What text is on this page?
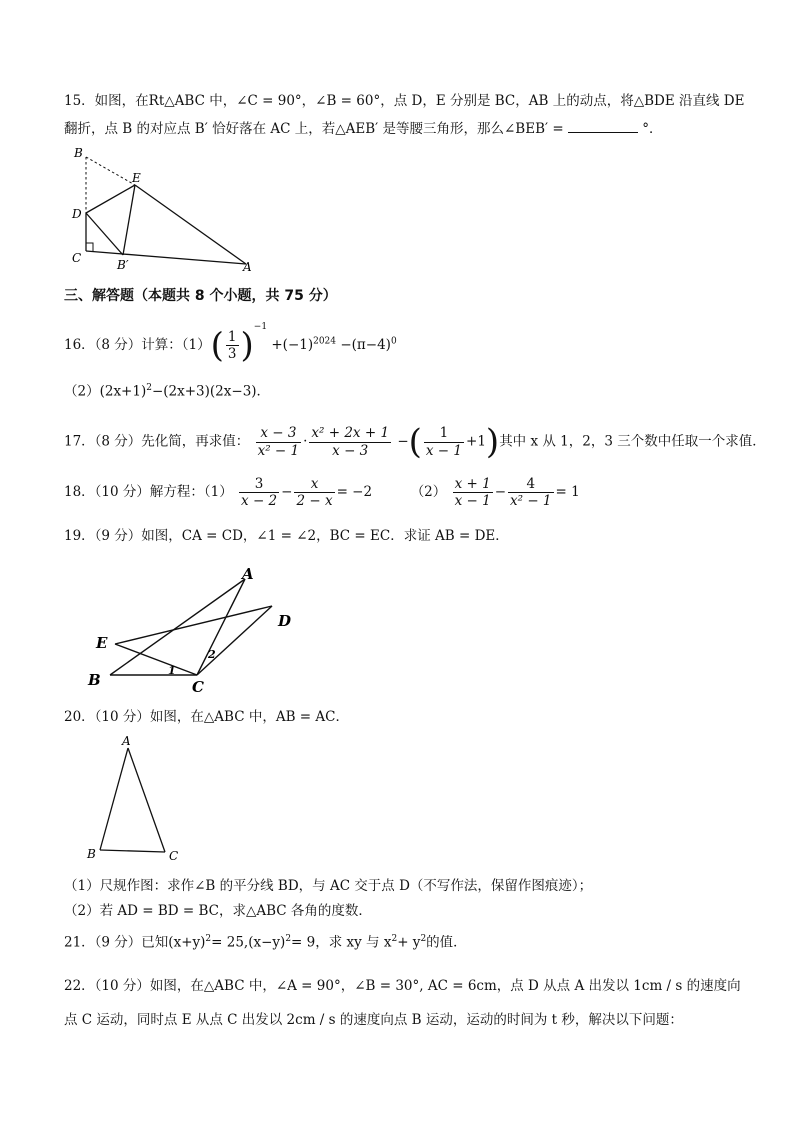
15．如图，在Rt△ABC 中，∠C = 90°，∠B = 60°，点 D，E 分别是 BC，AB 上的动点，将△BDE 沿直线 DE
翻折，点 B 的对应点 B′ 恰好落在 AC 上，若△AEB′ 是等腰三角形，那么∠BEB′ =	°．
B
E
D
C	B′	A
三、解答题（本题共 8 个小题，共 75 分）
16．（8 分）计算：$(1)( \frac{1}{3} )^{-1} +(-1)^{2024} -(\pi-4)^0$
$(2)(2x+1)^2-(2x+3)(2x-3)$．
17．（8 分）先化简，再求值： $\frac{x - 3}{\text{x² − 1}} \cdot \frac{\text{x² + 2x + 1}}{x - 3}$ −( $\frac{1}{x - 1} +1$)其中 x 从 1，2，3 三个数中任取一个求值．
18．（10 分）解方程：$(1) \frac{3}{x - 2} - \frac{x}{2 - x} = -2$	$(2) \frac{x + 1}{x - 1} - \frac{4}{\text{x² − 1}} = 1$
19．（9 分）如图，CA = CD，∠1 = ∠2，BC = EC．求证 AB = DE．
A
D
E
B	C
1
2
20．（10 分）如图，在△ABC 中，AB = AC．
A
B	C
（1）尺规作图：求作∠B 的平分线 BD，与 AC 交于点 D（不写作法，保留作图痕迹）；
（2）若 AD = BD = BC，求△ABC 各角的度数．
21．（9 分）已知$(x+y)^2= 25,(x-y)^2= 9$，求 xy 与 $x^2+ y^2$的值．
22．（10 分）如图，在△ABC 中，∠A = 90°，∠B = 30°, AC = 6cm，点 D 从点 A 出发以 1cm / s 的速度向
点 C 运动，同时点 E 从点 C 出发以 2cm / s 的速度向点 B 运动，运动的时间为 t 秒，解决以下问题：
